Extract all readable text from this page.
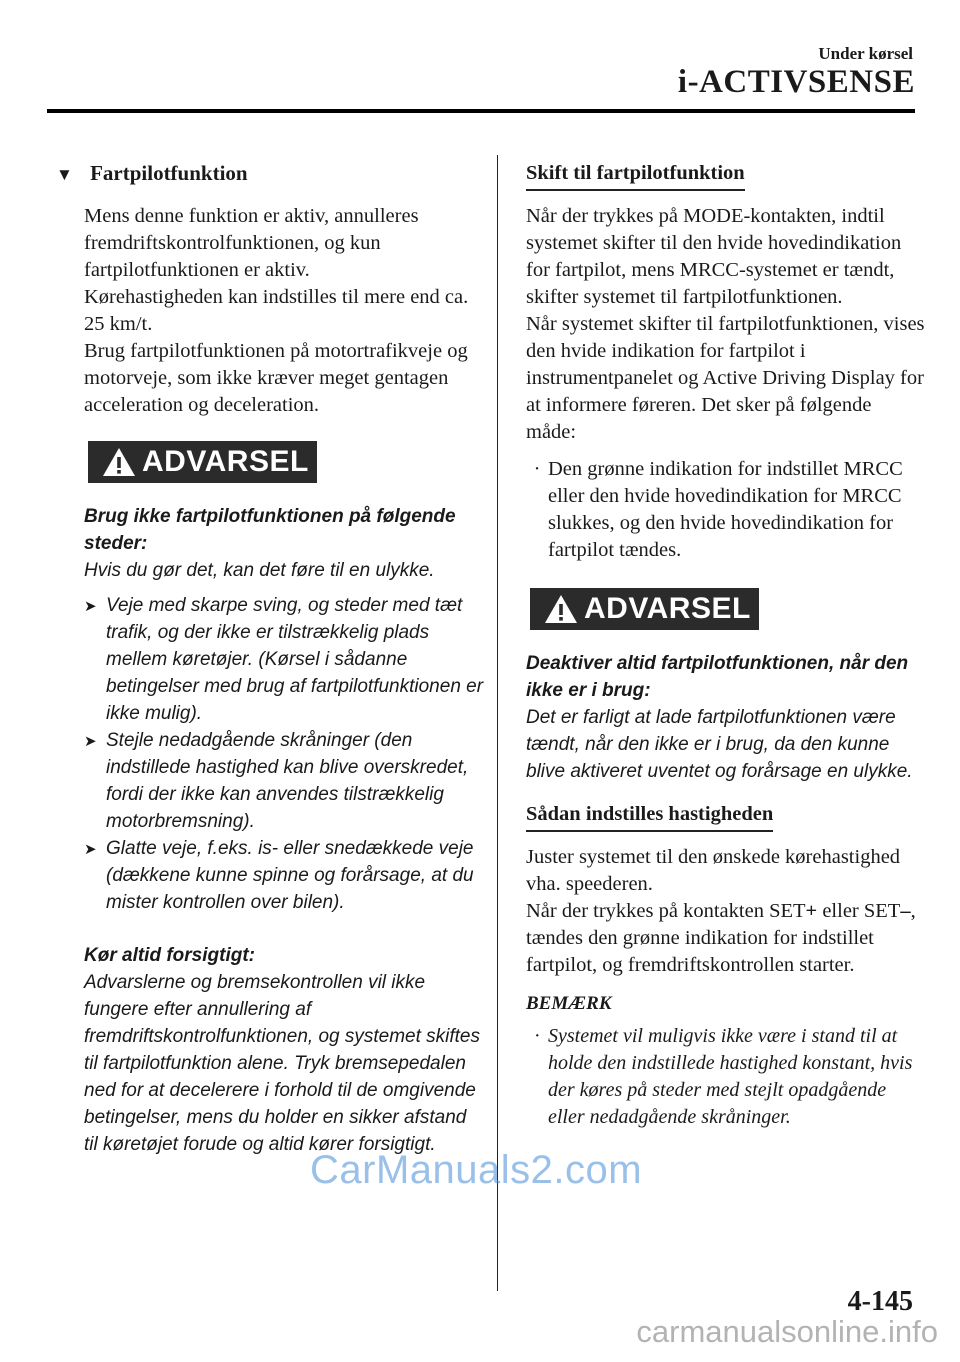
Under kørsel
i-ACTIVSENSE
▼ Fartpilotfunktion

Mens denne funktion er aktiv, annulleres fremdriftskontrolfunktionen, og kun fartpilotfunktionen er aktiv.
Kørehastigheden kan indstilles til mere end ca. 25 km/t.
Brug fartpilotfunktionen på motortrafikveje og motorveje, som ikke kræver meget gentagen acceleration og deceleration.

ADVARSEL

Brug ikke fartpilotfunktionen på følgende steder:

Hvis du gør det, kan det føre til en ulykke.

➤ Veje med skarpe sving, og steder med tæt trafik, og der ikke er tilstrækkelig plads mellem køretøjer. (Kørsel i sådanne betingelser med brug af fartpilotfunktionen er ikke mulig).
➤ Stejle nedadgående skråninger (den indstillede hastighed kan blive overskredet, fordi der ikke kan anvendes tilstrækkelig motorbremsning).
➤ Glatte veje, f.eks. is- eller snedækkede veje (dækkene kunne spinne og forårsage, at du mister kontrollen over bilen).

Kør altid forsigtigt:

Advarslerne og bremsekontrollen vil ikke fungere efter annullering af fremdriftskontrolfunktionen, og systemet skiftes til fartpilotfunktion alene. Tryk bremsepedalen ned for at decelerere i forhold til de omgivende betingelser, mens du holder en sikker afstand til køretøjet forude og altid kører forsigtigt.

Skift til fartpilotfunktion

Når der trykkes på MODE-kontakten, indtil systemet skifter til den hvide hovedindikation for fartpilot, mens MRCC-systemet er tændt, skifter systemet til fartpilotfunktionen.
Når systemet skifter til fartpilotfunktionen, vises den hvide indikation for fartpilot i instrumentpanelet og Active Driving Display for at informere føreren. Det sker på følgende måde:

· Den grønne indikation for indstillet MRCC eller den hvide hovedindikation for MRCC slukkes, og den hvide hovedindikation for fartpilot tændes.
ADVARSEL

Deaktiver altid fartpilotfunktionen, når den ikke er i brug:

Det er farligt at lade fartpilotfunktionen være tændt, når den ikke er i brug, da den kunne blive aktiveret uventet og forårsage en ulykke.

Sådan indstilles hastigheden

Juster systemet til den ønskede kørehastighed vha. speederen.
Når der trykkes på kontakten SET+ eller SET–, tændes den grønne indikation for indstillet fartpilot, og fremdriftskontrollen starter.

BEMÆRK

· Systemet vil muligvis ikke være i stand til at holde den indstillede hastighed konstant, hvis der køres på steder med stejlt opadgående eller nedadgående skråninger.
4-145
CarManuals2.com
carmanualsonline.info
